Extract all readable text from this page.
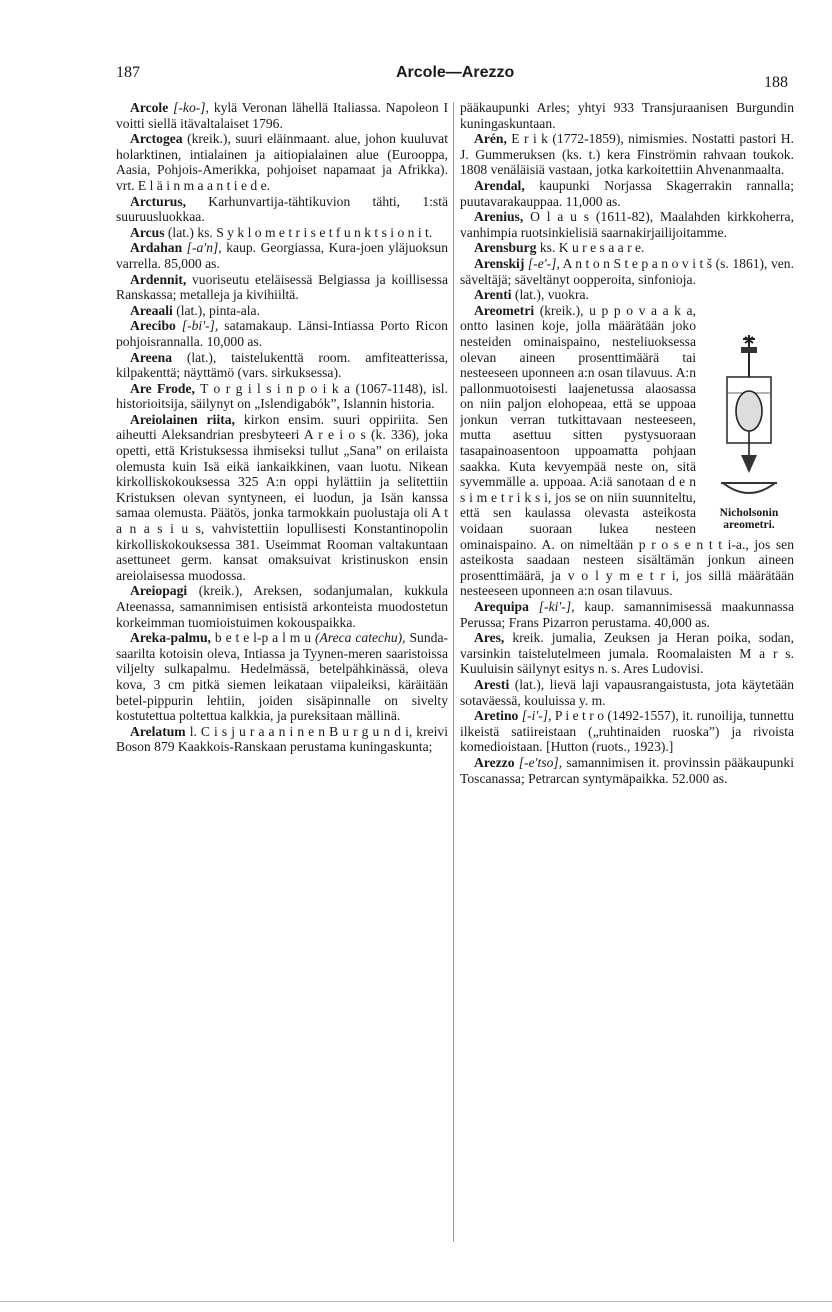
187	Arcole—Arezzo
188

Arcole [-ko-], kylä Veronan lähellä Italiassa. Napoleon I voitti siellä itävaltalaiset 1796.

Arctogea (kreik.), suuri eläinmaant. alue, johon kuuluvat holarktinen, intialainen ja aitiopialainen alue (Eurooppa, Aasia, Pohjois-Amerikka, pohjoiset napamaat ja Afrikka). vrt. E l ä i n m a a n t i e d e.

Arcturus, Karhunvartija-tähtikuvion tähti, 1:stä suuruusluokkaa.

Arcus (lat.) ks. S y k l o m e t r i s e t f u n k t s i o n i t.

Ardahan [-a'n], kaup. Georgiassa, Kura-joen yläjuoksun varrella. 85,000 as.

Ardennit, vuoriseutu eteläisessä Belgiassa ja koillisessa Ranskassa; metalleja ja kivihiiltä.

Areaali (lat.), pinta-ala.

Arecibo [-bi'-], satamakaup. Länsi-Intiassa Porto Ricon pohjoisrannalla. 10,000 as.

Areena (lat.), taistelukenttä room. amfiteatterissa, kilpakenttä; näyttämö (vars. sirkuksessa).

Are Frode, T o r g i l s i n p o i k a (1067-1148), isl. historioitsija, säilynyt on „Islendigabók”, Islannin historia.

Areiolainen riita, kirkon ensim. suuri oppiriita. Sen aiheutti Aleksandrian presbyteeri A r e i o s (k. 336), joka opetti, että Kristuksessa ihmiseksi tullut „Sana” on erilaista olemusta kuin Isä eikä iankaikkinen, vaan luotu. Nikean kirkolliskokouksessa 325 A:n oppi hylättiin ja selitettiin Kristuksen olevan syntyneen, ei luodun, ja Isän kanssa samaa olemusta. Päätös, jonka tarmokkain puolustaja oli A t a n a s i u s, vahvistettiin lopullisesti Konstantinopolin kirkolliskokouksessa 381. Useimmat Rooman valtakuntaan asettuneet germ. kansat omaksuivat kristinuskon ensin areiolaisessa muodossa.

Areiopagi (kreik.), Areksen, sodanjumalan, kukkula Ateenassa, samannimisen entisistä arkonteista muodostetun korkeimman tuomioistuimen kokouspaikka.

Areka-palmu, b e t e l-p a l m u (Areca catechu), Sunda-saarilta kotoisin oleva, Intiassa ja Tyynen-meren saaristoissa viljelty sulkapalmu. Hedelmässä, betelpähkinässä, oleva kova, 3 cm pitkä siemen leikataan viipaleiksi, käräitään betel-pippurin lehtiin, joiden sisäpinnalle on sivelty kostutettua poltettua kalkkia, ja pureksitaan mällinä.

Arelatum l. C i s j u r a a n i n e n B u r g u n d i, kreivi Boson 879 Kaakkois-Ranskaan perustama kuningaskunta;

pääkaupunki Arles; yhtyi 933 Transjuraanisen Burgundin kuningaskuntaan.

Arén, E r i k (1772-1859), nimismies. Nostatti pastori H. J. Gummeruksen (ks. t.) kera Finströmin rahvaan toukok. 1808 venäläisiä vastaan, jotka karkoitettiin Ahvenanmaalta.

Arendal, kaupunki Norjassa Skagerrakin rannalla; puutavarakauppaa. 11,000 as.

Arenius, O l a u s (1611-82), Maalahden kirkkoherra, vanhimpia ruotsinkielisiä saarnakirjailijoitamme.

Arensburg ks. K u r e s a a r e.

Arenskij [-e'-], A n t o n S t e p a n o v i t š (s. 1861), ven. säveltäjä; säveltänyt oopperoita, sinfonioja.

Arenti (lat.), vuokra.

Nicholsonin areometri.
Areometri (kreik.), u p p o v a a k a, ontto lasinen koje, jolla määrätään joko nesteiden ominaispaino, nesteliuoksessa olevan aineen prosenttimäärä tai nesteeseen uponneen a:n osan tilavuus. A:n pallonmuotoisesti laajenetussa alaosassa on niin paljon elohopeaa, että se uppoaa jonkun verran tutkittavaan nesteeseen, mutta asettuu sitten pystysuoraan tasapainoasentoon uppoamatta pohjaan saakka. Kuta kevyempää neste on, sitä syvemmälle a. uppoaa. A:iä sanotaan d e n s i m e t r i k s i, jos se on niin suunniteltu, että sen kaulassa olevasta asteikosta voidaan suoraan lukea nesteen ominaispaino. A. on nimeltään p r o s e n t t i-a., jos sen asteikosta saadaan nesteen sisältämän jonkun aineen prosenttimäärä, ja v o l y m e t r i, jos sillä määrätään nesteeseen uponneen a:n osan tilavuus.

Arequipa [-ki'-], kaup. samannimisessä maakunnassa Perussa; Frans Pizarron perustama. 40,000 as.

Ares, kreik. jumalia, Zeuksen ja Heran poika, sodan, varsinkin taistelutelmeen jumala. Roomalaisten M a r s. Kuuluisin säilynyt esitys n. s. Ares Ludovisi.

Aresti (lat.), lievä laji vapausrangaistusta, jota käytetään sotaväessä, kouluissa y. m.

Aretino [-i'-], P i e t r o (1492-1557), it. runoilija, tunnettu ilkeistä satiireistaan („ruhtinaiden ruoska”) ja rivoista komedioistaan. [Hutton (ruots., 1923).]

Arezzo [-e'tso], samannimisen it. provinssin pääkaupunki Toscanassa; Petrarcan syntymäpaikka. 52.000 as.
